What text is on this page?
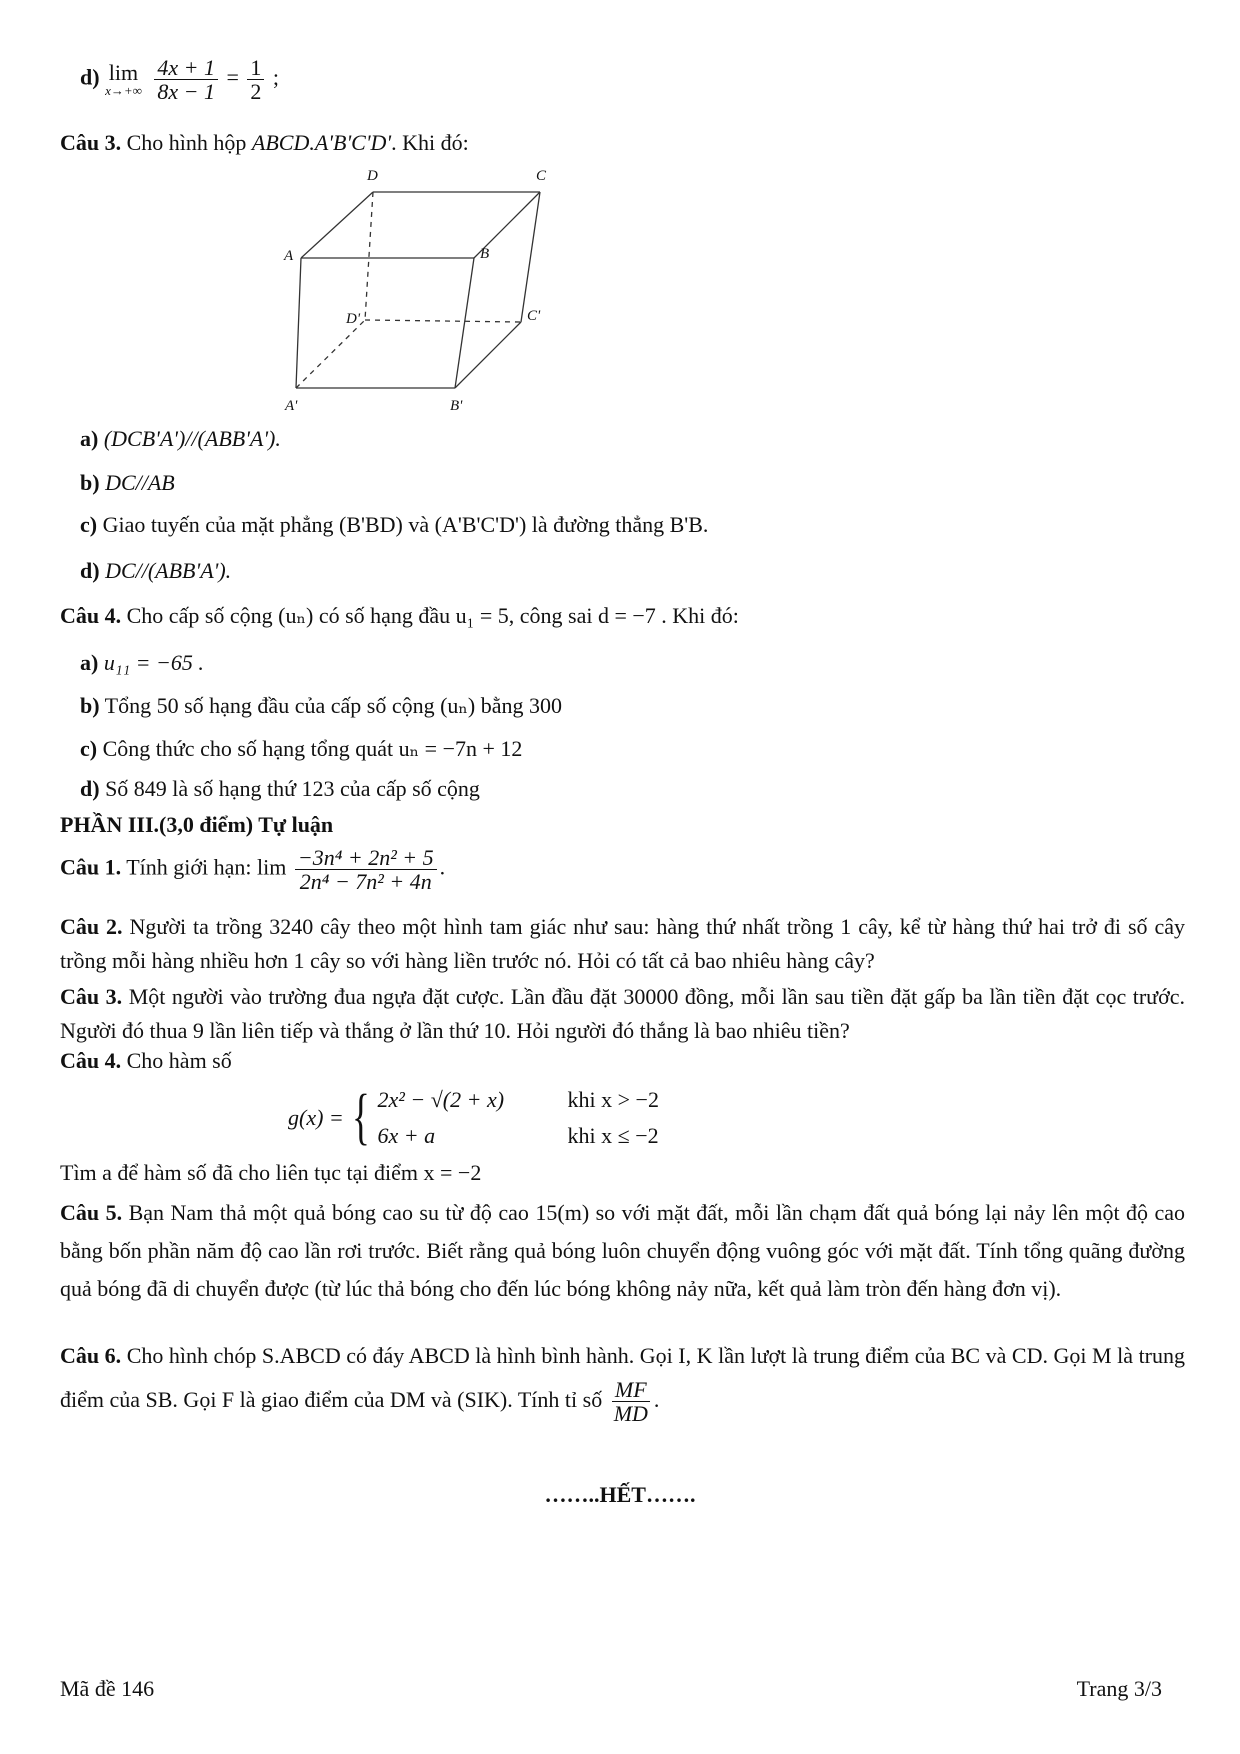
d) lim
x→+∞
$\frac{4x + 1}{8x - 1} = \frac{1}{2}$ ;
Câu 3. Cho hình hộp ABCD.A'B'C'D'. Khi đó:
D	C
A	B
D'	C'
A'	B'
a) (DCB'A')//(ABB'A').
b) DC//AB
c) Giao tuyến của mặt phẳng (B'BD) và (A'B'C'D') là đường thẳng B'B.
d) DC//(ABB'A').
Câu 4. Cho cấp số cộng (uₙ) có số hạng đầu u₁ = 5, công sai d = −7 . Khi đó:
a) u₁₁ = −65 .
b) Tổng 50 số hạng đầu của cấp số cộng (uₙ) bằng 300
c) Công thức cho số hạng tổng quát uₙ = −7n + 12
d) Số 849 là số hạng thứ 123 của cấp số cộng
PHẦN III.(3,0 điểm) Tự luận
Câu 1. Tính giới hạn: $\lim \frac{\text{−3n⁴ + 2n² + 5}}{\text{2n⁴ − 7n² + 4n}}$ .
Câu 2. Người ta trồng 3240 cây theo một hình tam giác như sau: hàng thứ nhất trồng 1 cây, kể từ hàng thứ hai trở đi số cây trồng mỗi hàng nhiều hơn 1 cây so với hàng liền trước nó. Hỏi có tất cả bao nhiêu hàng cây?
Câu 3. Một người vào trường đua ngựa đặt cược. Lần đầu đặt 30000 đồng, mỗi lần sau tiền đặt gấp ba lần tiền đặt cọc trước. Người đó thua 9 lần liên tiếp và thắng ở lần thứ 10. Hỏi người đó thắng là bao nhiêu tiền?
Câu 4. Cho hàm số
g(x) = { 2x² − √(2 + x)	khi x > −2
6x + a	khi x ≤ −2
Tìm a để hàm số đã cho liên tục tại điểm x = −2
Câu 5. Bạn Nam thả một quả bóng cao su từ độ cao 15(m) so với mặt đất, mỗi lần chạm đất quả bóng lại nảy lên một độ cao bằng bốn phần năm độ cao lần rơi trước. Biết rằng quả bóng luôn chuyển động vuông góc với mặt đất. Tính tổng quãng đường quả bóng đã di chuyển được (từ lúc thả bóng cho đến lúc bóng không nảy nữa, kết quả làm tròn đến hàng đơn vị).
Câu 6. Cho hình chóp S.ABCD có đáy ABCD là hình bình hành. Gọi I, K lần lượt là trung điểm của BC và CD. Gọi M là trung điểm của SB. Gọi F là giao điểm của DM và (SIK). Tính tỉ số $\frac{MF}{MD}$ .
……..HẾT…….
Mã đề 146	Trang 3/3
